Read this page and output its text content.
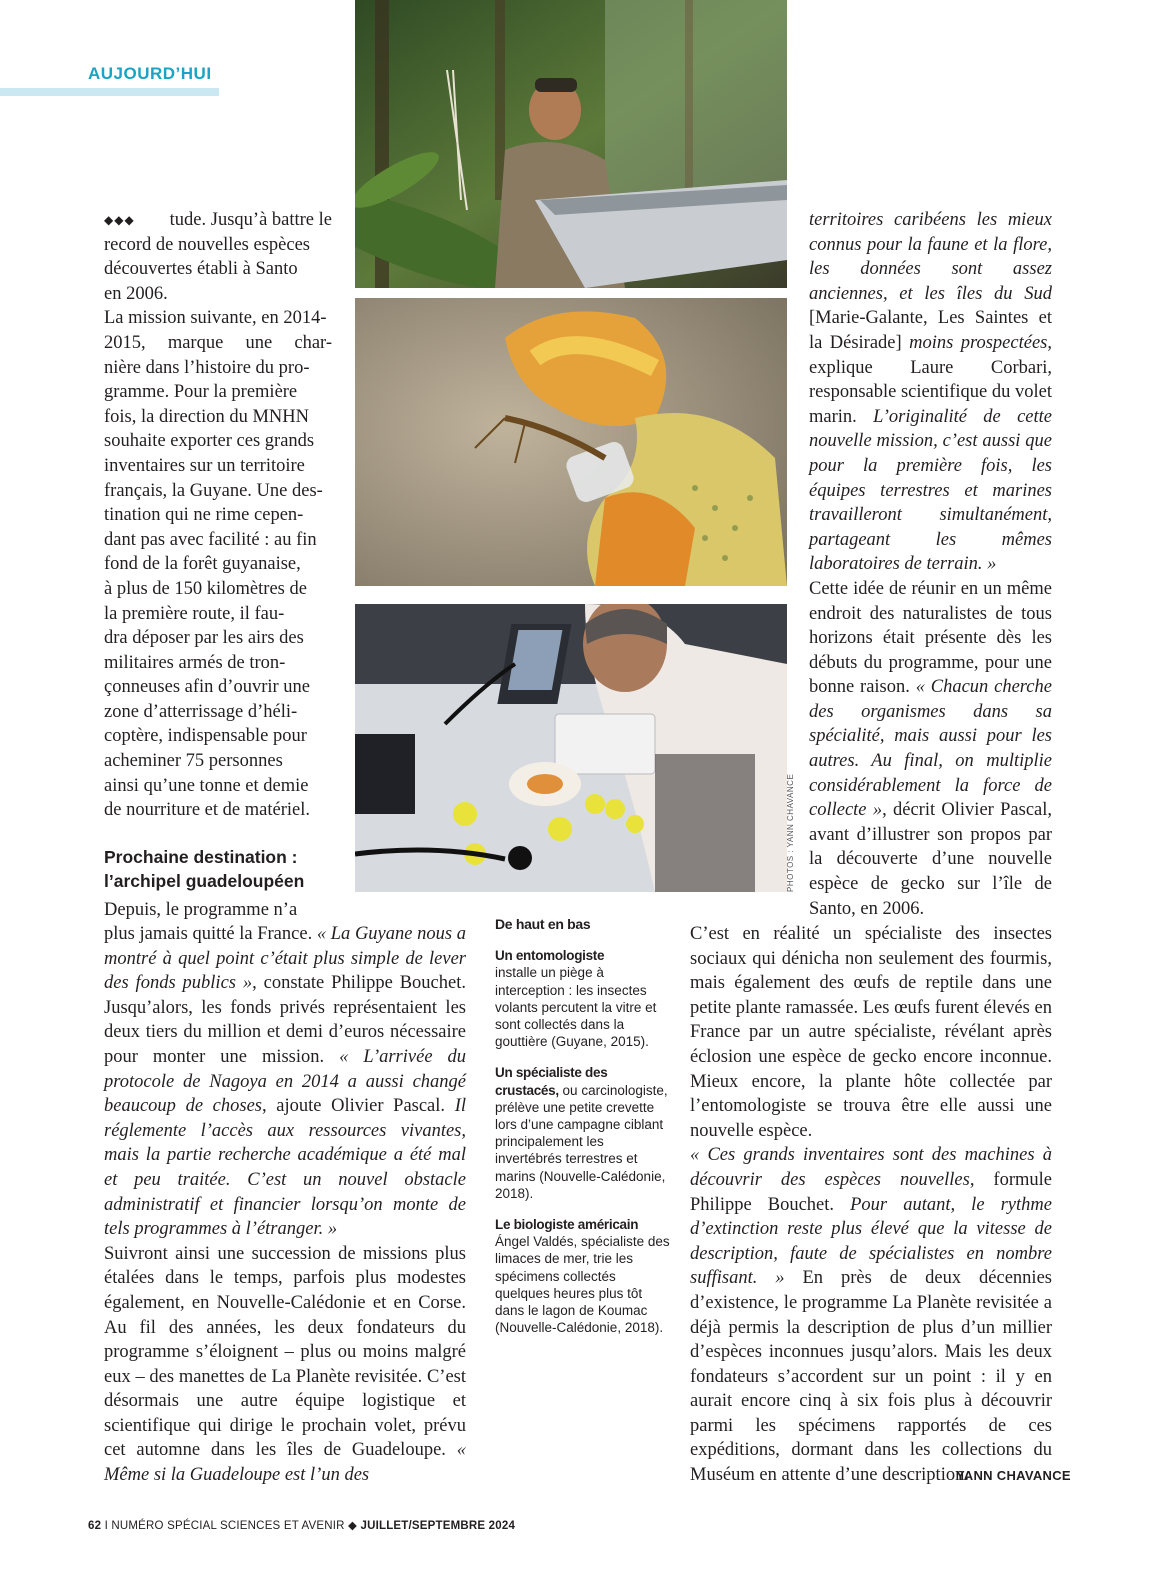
AUJOURD’HUI
◆◆◆ tude. Jusqu’à battre le
record de nouvelles espèces
découvertes établi à Santo
en 2006.
La mission suivante, en 2014-
2015, marque une char-
nière dans l’histoire du pro-
gramme. Pour la première
fois, la direction du MNHN
souhaite exporter ces grands
inventaires sur un territoire
français, la Guyane. Une des-
tination qui ne rime cepen-
dant pas avec facilité : au fin
fond de la forêt guyanaise,
à plus de 150 kilomètres de
la première route, il fau-
dra déposer par les airs des
militaires armés de tron-
çonneuses afin d’ouvrir une
zone d’atterrissage d’héli-
coptère, indispensable pour
acheminer 75 personnes
ainsi qu’une tonne et demie
de nourriture et de matériel.
Prochaine destination :
l’archipel guadeloupéen
Depuis, le programme n’a

plus jamais quitté la France. « La Guyane nous a montré à quel point c’était plus simple de lever des fonds publics », constate Philippe Bouchet. Jusqu’alors, les fonds privés représentaient les deux tiers du million et demi d’euros nécessaire pour monter une mission. « L’arrivée du protocole de Nagoya en 2014 a aussi changé beaucoup de choses, ajoute Olivier Pascal. Il réglemente l’accès aux ressources vivantes, mais la partie recherche académique a été mal et peu traitée. C’est un nouvel obstacle administratif et financier lorsqu’on monte de tels programmes à l’étranger. »

Suivront ainsi une succession de missions plus étalées dans le temps, parfois plus modestes également, en Nouvelle-Calédonie et en Corse. Au fil des années, les deux fondateurs du programme s’éloignent – plus ou moins malgré eux – des manettes de La Planète revisitée. C’est désormais une autre équipe logistique et scientifique qui dirige le prochain volet, prévu cet automne dans les îles de Guadeloupe. « Même si la Guadeloupe est l’un des

PHOTOS : YANN CHAVANCE
De haut en bas
Un entomologiste
installe un piège à interception : les insectes volants percutent la vitre et sont collectés dans la gouttière (Guyane, 2015).
Un spécialiste des crustacés, ou carcinologiste, prélève une petite crevette lors d’une campagne ciblant principalement les invertébrés terrestres et marins (Nouvelle-Calédonie, 2018).
Le biologiste américain
Ángel Valdés, spécialiste des limaces de mer, trie les spécimens collectés quelques heures plus tôt dans le lagon de Koumac (Nouvelle-Calédonie, 2018).

territoires caribéens les mieux connus pour la faune et la flore, les données sont assez anciennes, et les îles du Sud [Marie-Galante, Les Saintes et la Désirade] moins prospectées, explique Laure Corbari, responsable scientifique du volet marin. L’originalité de cette nouvelle mission, c’est aussi que pour la première fois, les équipes terrestres et marines travailleront simultanément, partageant les mêmes laboratoires de terrain. »

Cette idée de réunir en un même endroit des naturalistes de tous horizons était présente dès les débuts du programme, pour une bonne raison. « Chacun cherche des organismes dans sa spécialité, mais aussi pour les autres. Au final, on multiplie considérablement la force de collecte », décrit Olivier Pascal, avant d’illustrer son propos par la découverte d’une nouvelle espèce de gecko sur l’île de Santo, en 2006.

C’est en réalité un spécialiste des insectes sociaux qui dénicha non seulement des fourmis, mais également des œufs de reptile dans une petite plante ramassée. Les œufs furent élevés en France par un autre spécialiste, révélant après éclosion une espèce de gecko encore inconnue. Mieux encore, la plante hôte collectée par l’entomologiste se trouva être elle aussi une nouvelle espèce.

« Ces grands inventaires sont des machines à découvrir des espèces nouvelles, formule Philippe Bouchet. Pour autant, le rythme d’extinction reste plus élevé que la vitesse de description, faute de spécialistes en nombre suffisant. » En près de deux décennies d’existence, le programme La Planète revisitée a déjà permis la description de plus d’un millier d’espèces inconnues jusqu’alors. Mais les deux fondateurs s’accordent sur un point : il y en aurait encore cinq à six fois plus à découvrir parmi les spécimens rapportés de ces expéditions, dormant dans les collections du Muséum en attente d’une description.

YANN CHAVANCE
62 I NUMÉRO SPÉCIAL SCIENCES ET AVENIR ◆ JUILLET/SEPTEMBRE 2024
